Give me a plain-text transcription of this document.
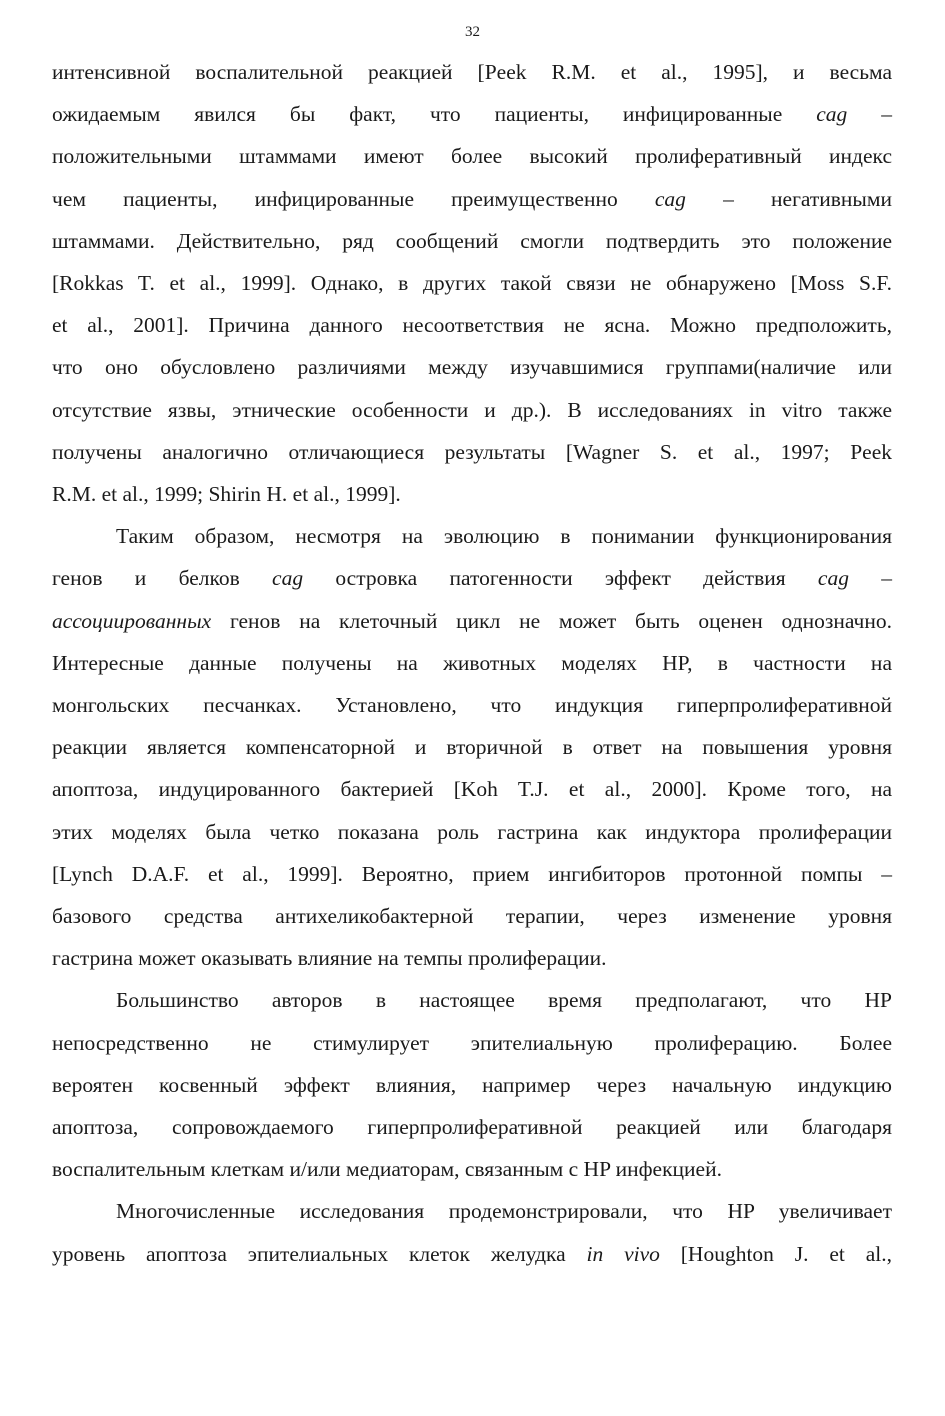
32
интенсивной воспалительной реакцией [Peek R.M. et al., 1995], и весьма
ожидаемым явился бы факт, что пациенты, инфицированные cag –
положительными штаммами имеют более высокий пролиферативный индекс
чем пациенты, инфицированные преимущественно cag – негативными
штаммами. Действительно, ряд сообщений смогли подтвердить это положение
[Rokkas T. et al., 1999]. Однако, в других такой связи не обнаружено [Moss S.F.
et al., 2001]. Причина данного несоответствия не ясна. Можно предположить,
что оно обусловлено различиями между изучавшимися группами(наличие или
отсутствие язвы, этнические особенности и др.). В исследованиях in vitro также
получены аналогично отличающиеся результаты [Wagner S. et al., 1997; Peek
R.M. et al., 1999; Shirin H. et al., 1999].
Таким образом, несмотря на эволюцию в понимании функционирования
генов и белков cag островка патогенности эффект действия cag –
ассоциированных генов на клеточный цикл не может быть оценен однозначно.
Интересные данные получены на животных моделях HP, в частности на
монгольских песчанках. Установлено, что индукция гиперпролиферативной
реакции является компенсаторной и вторичной в ответ на повышения уровня
апоптоза, индуцированного бактерией [Koh T.J. et al., 2000]. Кроме того, на
этих моделях была четко показана роль гастрина как индуктора пролиферации
[Lynch D.A.F. et al., 1999]. Вероятно, прием ингибиторов протонной помпы –
базового средства антихеликобактерной терапии, через изменение уровня
гастрина может оказывать влияние на темпы пролиферации.
Большинство авторов в настоящее время предполагают, что HP
непосредственно не стимулирует эпителиальную пролиферацию. Более
вероятен косвенный эффект влияния, например через начальную индукцию
апоптоза, сопровождаемого гиперпролиферативной реакцией или благодаря
воспалительным клеткам и/или медиаторам, связанным с HP инфекцией.
Многочисленные исследования продемонстрировали, что HP увеличивает
уровень апоптоза эпителиальных клеток желудка in vivo [Houghton J. et al.,
